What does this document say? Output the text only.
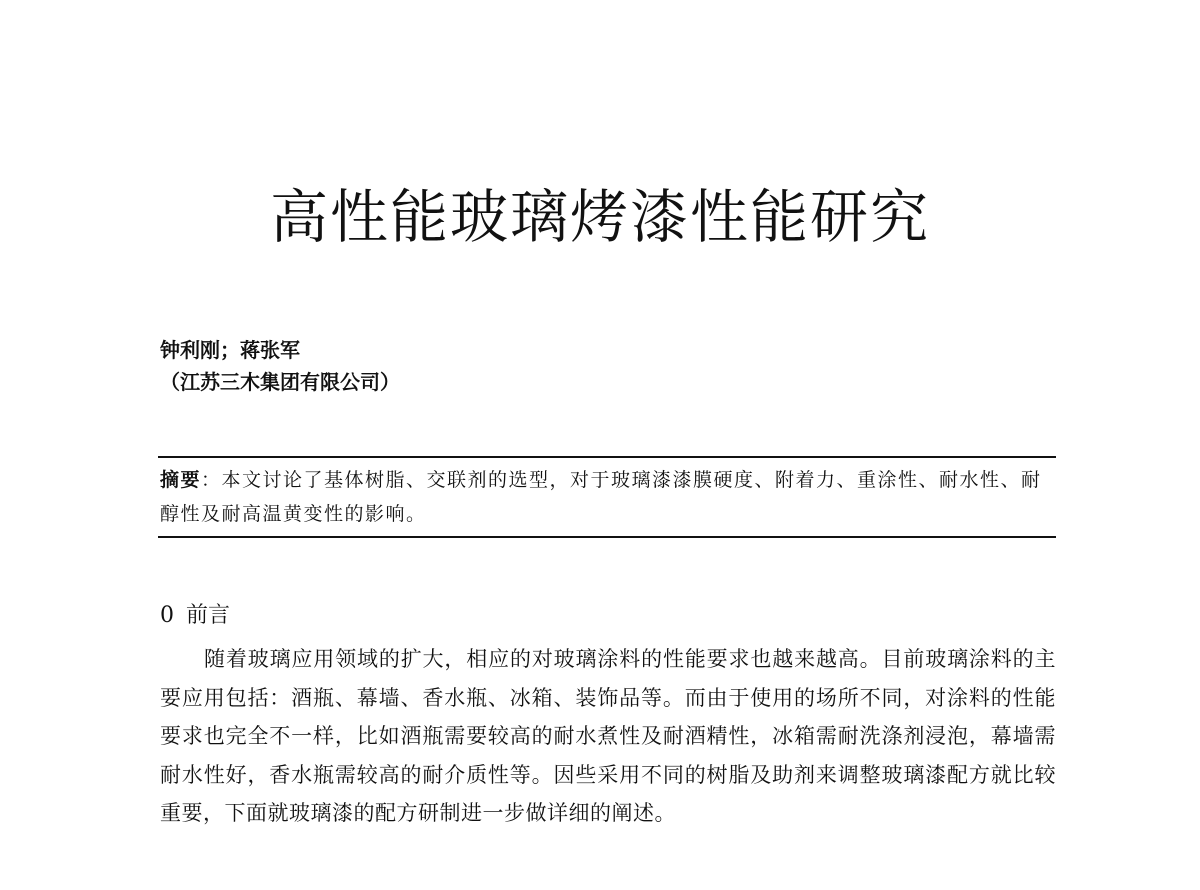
高性能玻璃烤漆性能研究
钟利刚；蒋张军
（江苏三木集团有限公司）
摘要：本文讨论了基体树脂、交联剂的选型，对于玻璃漆漆膜硬度、附着力、重涂性、耐水性、耐醇性及耐高温黄变性的影响。
0 前言

随着玻璃应用领域的扩大，相应的对玻璃涂料的性能要求也越来越高。目前玻璃涂料的主要应用包括：酒瓶、幕墙、香水瓶、冰箱、装饰品等。而由于使用的场所不同，对涂料的性能要求也完全不一样，比如酒瓶需要较高的耐水煮性及耐酒精性，冰箱需耐洗涤剂浸泡，幕墙需耐水性好，香水瓶需较高的耐介质性等。因些采用不同的树脂及助剂来调整玻璃漆配方就比较重要，下面就玻璃漆的配方研制进一步做详细的阐述。
